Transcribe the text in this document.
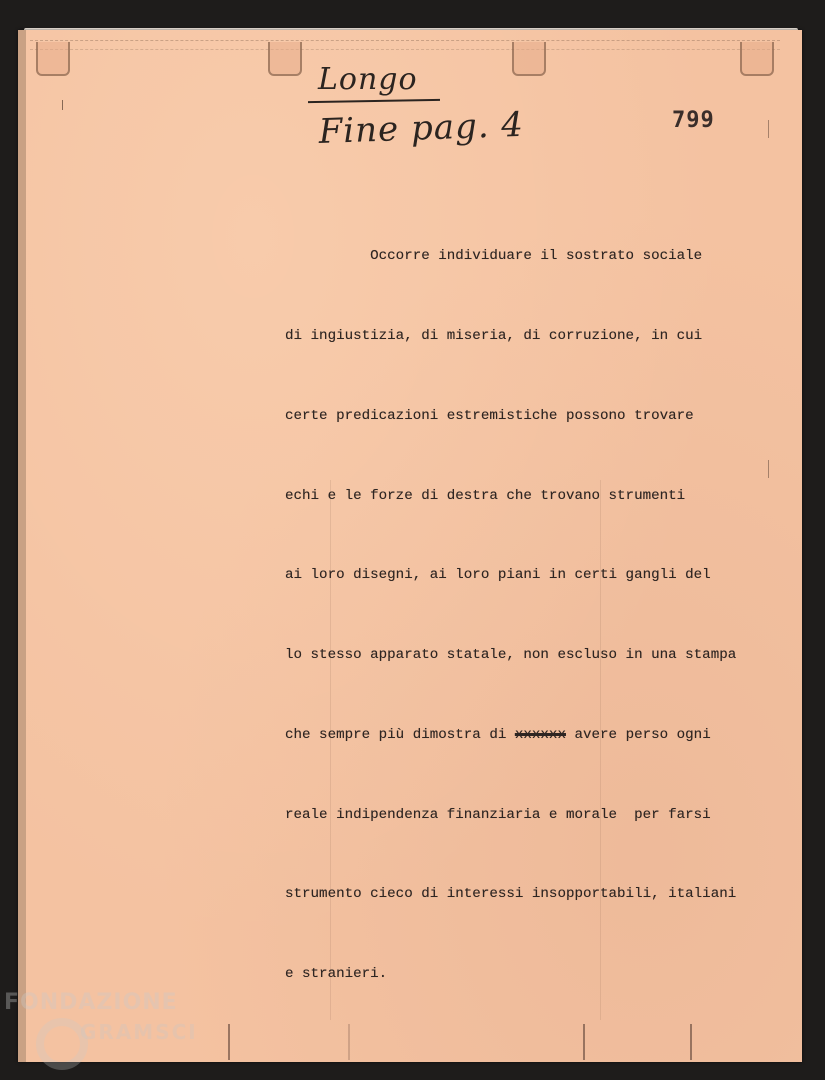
Longo
Fine pag. 4	799

Occorre individuare il sostrato sociale

di ingiustizia, di miseria, di corruzione, in cui

certe predicazioni estremistiche possono trovare

echi e le forze di destra che trovano strumenti

ai loro disegni, ai loro piani in certi gangli del

lo stesso apparato statale, non escluso in una stampa

che sempre più dimostra di xxxxxx avere perso ogni

reale indipendenza finanziaria e morale  per farsi

strumento cieco di interessi insopportabili, italiani

e stranieri.

FONDAZIONE
GRAMSCI
